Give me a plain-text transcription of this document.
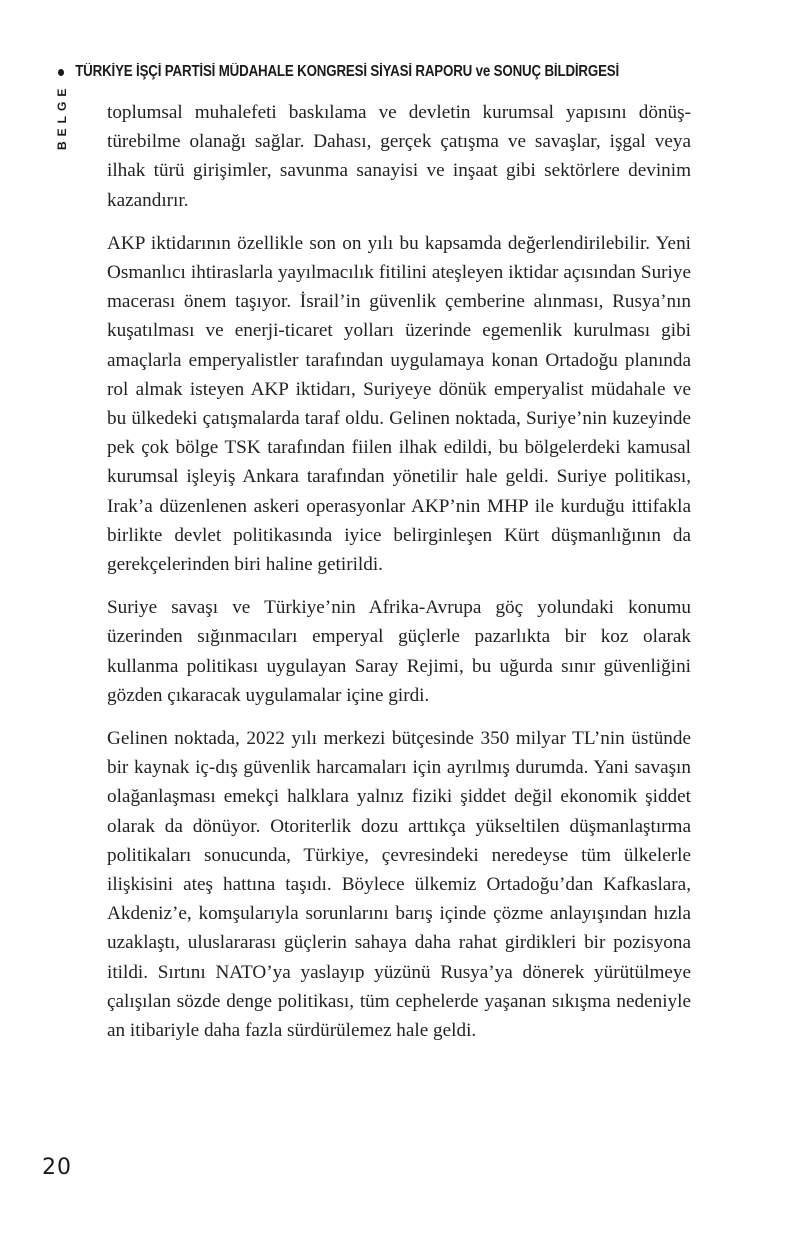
TÜRKİYE İŞÇİ PARTİSİ MÜDAHALE KONGRESİ SİYASİ RAPORU ve SONUÇ BİLDİRGESİ
BELGE toplumsal muhalefeti baskılama ve devletin kurumsal yapısını dönüştürebilme olanağı sağlar. Dahası, gerçek çatışma ve savaşlar, işgal veya ilhak türü girişimler, savunma sanayisi ve inşaat gibi sektörlere devinim kazandırır.

AKP iktidarının özellikle son on yılı bu kapsamda değerlendirilebilir. Yeni Osmanlıcı ihtiraslarla yayılmacılık fitilini ateşleyen iktidar açısından Suriye macerası önem taşıyor. İsrail’in güvenlik çemberine alınması, Rusya’nın kuşatılması ve enerji-ticaret yolları üzerinde egemenlik kurulması gibi amaçlarla emperyalistler tarafından uygulamaya konan Ortadoğu planında rol almak isteyen AKP iktidarı, Suriyeye dönük emperyalist müdahale ve bu ülkedeki çatışmalarda taraf oldu. Gelinen noktada, Suriye’nin kuzeyinde pek çok bölge TSK tarafından fiilen ilhak edildi, bu bölgelerdeki kamusal kurumsal işleyiş Ankara tarafından yönetilir hale geldi. Suriye politikası, Irak’a düzenlenen askeri operasyonlar AKP’nin MHP ile kurduğu ittifakla birlikte devlet politikasında iyice belirginleşen Kürt düşmanlığının da gerekçelerinden biri haline getirildi.

Suriye savaşı ve Türkiye’nin Afrika-Avrupa göç yolundaki konumu üzerinden sığınmacıları emperyal güçlerle pazarlıkta bir koz olarak kullanma politikası uygulayan Saray Rejimi, bu uğurda sınır güvenliğini gözden çıkaracak uygulamalar içine girdi.

Gelinen noktada, 2022 yılı merkezi bütçesinde 350 milyar TL’nin üstünde bir kaynak iç-dış güvenlik harcamaları için ayrılmış durumda. Yani savaşın olağanlaşması emekçi halklara yalnız fiziki şiddet değil ekonomik şiddet olarak da dönüyor. Otoriterlik dozu arttıkça yükseltilen düşmanlaştırma politikaları sonucunda, Türkiye, çevresindeki neredeyse tüm ülkelerle ilişkisini ateş hattına taşıdı. Böylece ülkemiz Ortadoğu’dan Kafkaslara, Akdeniz’e, komşularıyla sorunlarını barış içinde çözme anlayışından hızla uzaklaştı, uluslararası güçlerin sahaya daha rahat girdikleri bir pozisyona itildi. Sırtını NATO’ya yaslayıp yüzünü Rusya’ya dönerek yürütülmeye çalışılan sözde denge politikası, tüm cephelerde yaşanan sıkışma nedeniyle an itibariyle daha fazla sürdürülemez hale geldi.

20
